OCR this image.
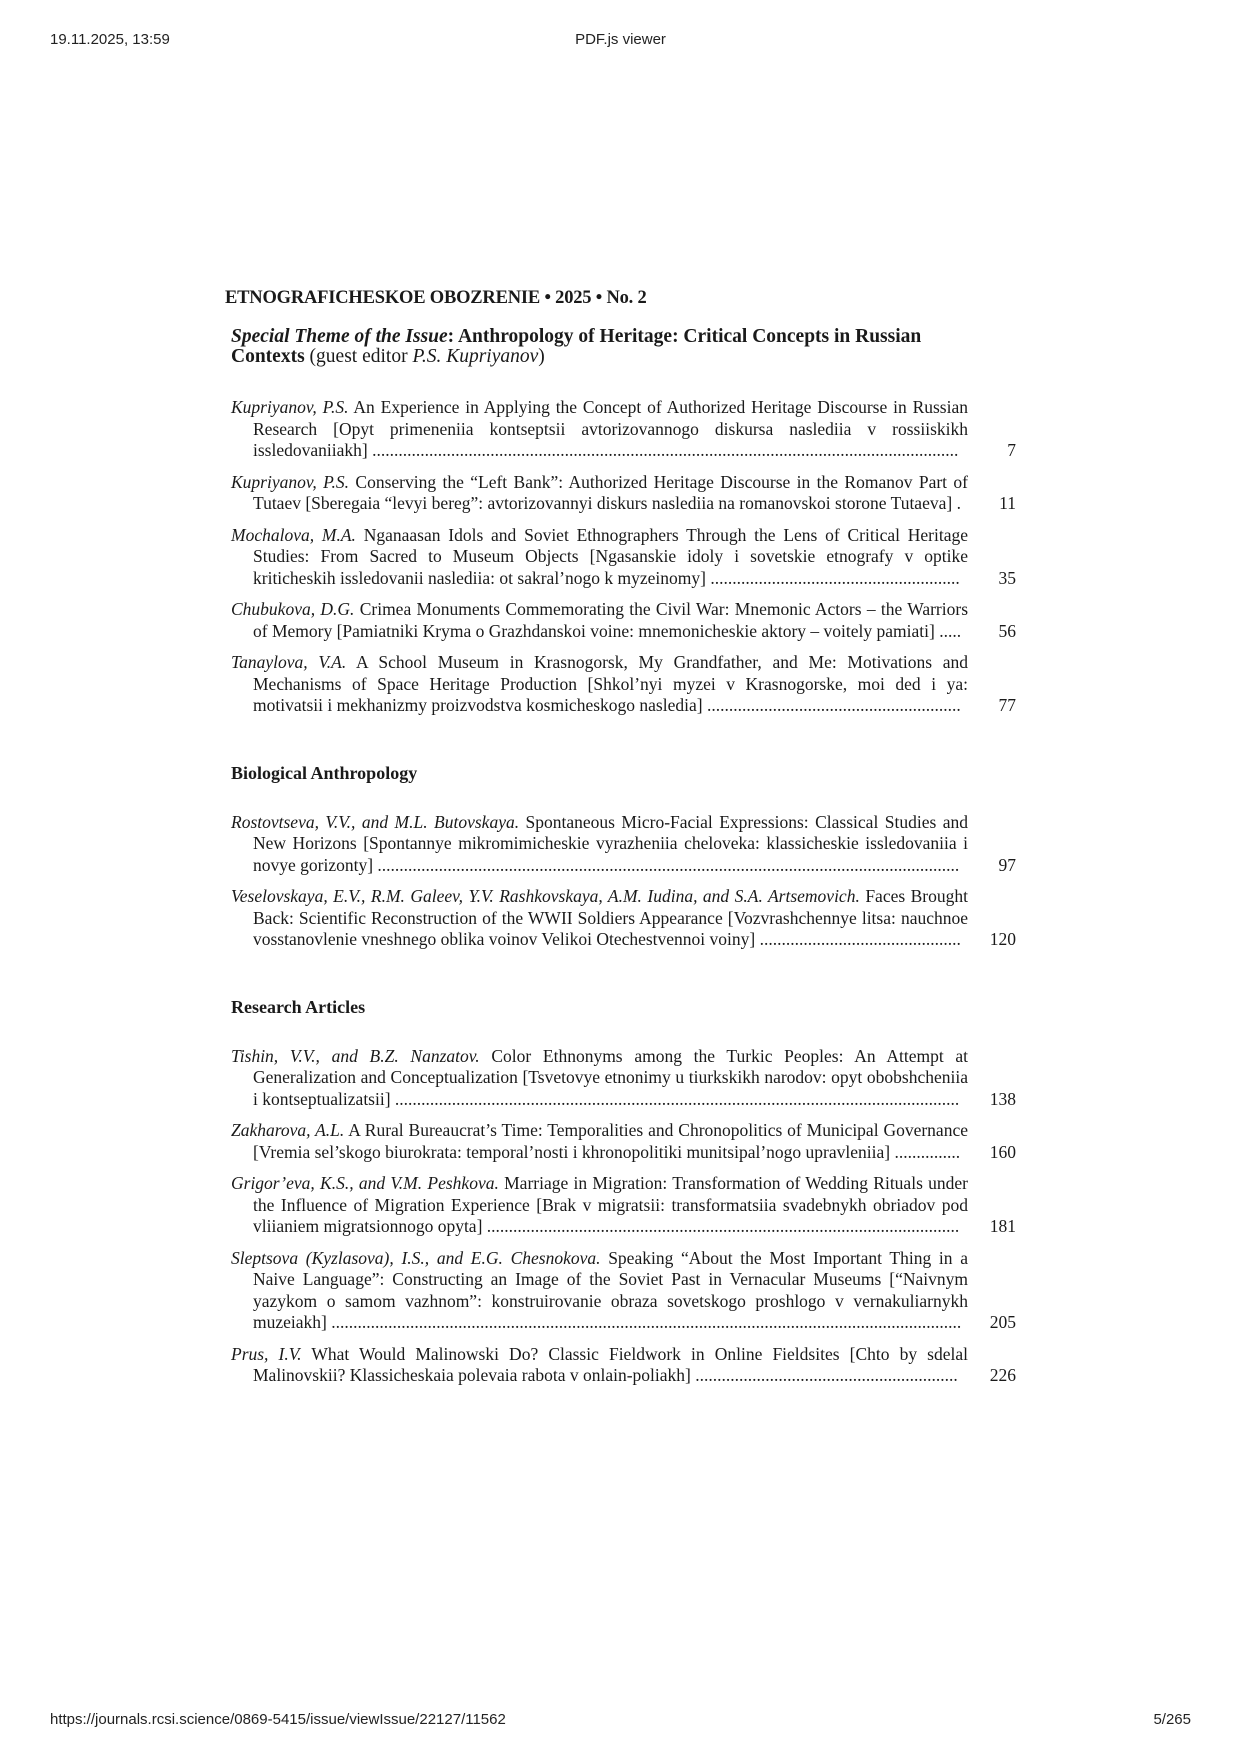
19.11.2025, 13:59	PDF.js viewer
ETNOGRAFICHESKOE OBOZRENIE • 2025 • No. 2
Special Theme of the Issue: Anthropology of Heritage: Critical Concepts in Russian Contexts (guest editor P.S. Kupriyanov)
Kupriyanov, P.S. An Experience in Applying the Concept of Authorized Heritage Discourse in Russian Research [Opyt primeneniia kontseptsii avtorizovannogo diskursa naslediia v rossiiskikh issledovaniiakh] ......................................................................................................................................	7
Kupriyanov, P.S. Conserving the “Left Bank”: Authorized Heritage Discourse in the Romanov Part of Tutaev [Sberegaia “levyi bereg”: avtorizovannyi diskurs naslediia na romanovskoi storone Tutaeva] .	11
Mochalova, M.A. Nganaasan Idols and Soviet Ethnographers Through the Lens of Critical Heritage Studies: From Sacred to Museum Objects [Ngasanskie idoly i sovetskie etnografy v optike kriticheskih issledovanii naslediia: ot sakral’nogo k myzeinomy] .........................................................	35
Chubukova, D.G. Crimea Monuments Commemorating the Civil War: Mnemonic Actors – the Warriors of Memory [Pamiatniki Kryma o Grazhdanskoi voine: mnemonicheskie aktory – voitely pamiati] .....	56
Tanaylova, V.A. A School Museum in Krasnogorsk, My Grandfather, and Me: Motivations and Mechanisms of Space Heritage Production [Shkol’nyi myzei v Krasnogorske, moi ded i ya: motivatsii i mekhanizmy proizvodstva kosmicheskogo nasledia] ..........................................................	77
Biological Anthropology
Rostovtseva, V.V., and M.L. Butovskaya. Spontaneous Micro-Facial Expressions: Classical Studies and New Horizons [Spontannye mikromimicheskie vyrazheniia cheloveka: klassicheskie issledovaniia i novye gorizonty] .....................................................................................................................................	97
Veselovskaya, E.V., R.M. Galeev, Y.V. Rashkovskaya, A.M. Iudina, and S.A. Artsemovich. Faces Brought Back: Scientific Reconstruction of the WWII Soldiers Appearance [Vozvrashchennye litsa: nauchnoe vosstanovlenie vneshnego oblika voinov Velikoi Otechestvennoi voiny] ..............................................	120
Research Articles
Tishin, V.V., and B.Z. Nanzatov. Color Ethnonyms among the Turkic Peoples: An Attempt at Generalization and Conceptualization [Tsvetovye etnonimy u tiurkskikh narodov: opyt obobshcheniia i kontseptualizatsii] .................................................................................................................................	138
Zakharova, A.L. A Rural Bureaucrat’s Time: Temporalities and Chronopolitics of Municipal Governance [Vremia sel’skogo biurokrata: temporal’nosti i khronopolitiki munitsipal’nogo upravleniia] ...............	160
Grigor’eva, K.S., and V.M. Peshkova. Marriage in Migration: Transformation of Wedding Rituals under the Influence of Migration Experience [Brak v migratsii: transformatsiia svadebnykh obriadov pod vliianiem migratsionnogo opyta] ............................................................................................................	181
Sleptsova (Kyzlasova), I.S., and E.G. Chesnokova. Speaking “About the Most Important Thing in a Naive Language”: Constructing an Image of the Soviet Past in Vernacular Museums [“Naivnym yazykom o samom vazhnom”: konstruirovanie obraza sovetskogo proshlogo v vernakuliarnykh muzeiakh] ................................................................................................................................................	205
Prus, I.V. What Would Malinowski Do? Classic Fieldwork in Online Fieldsites [Chto by sdelal Malinovskii? Klassicheskaia polevaia rabota v onlain-poliakh] ............................................................	226
https://journals.rcsi.science/0869-5415/issue/viewIssue/22127/11562	5/265
